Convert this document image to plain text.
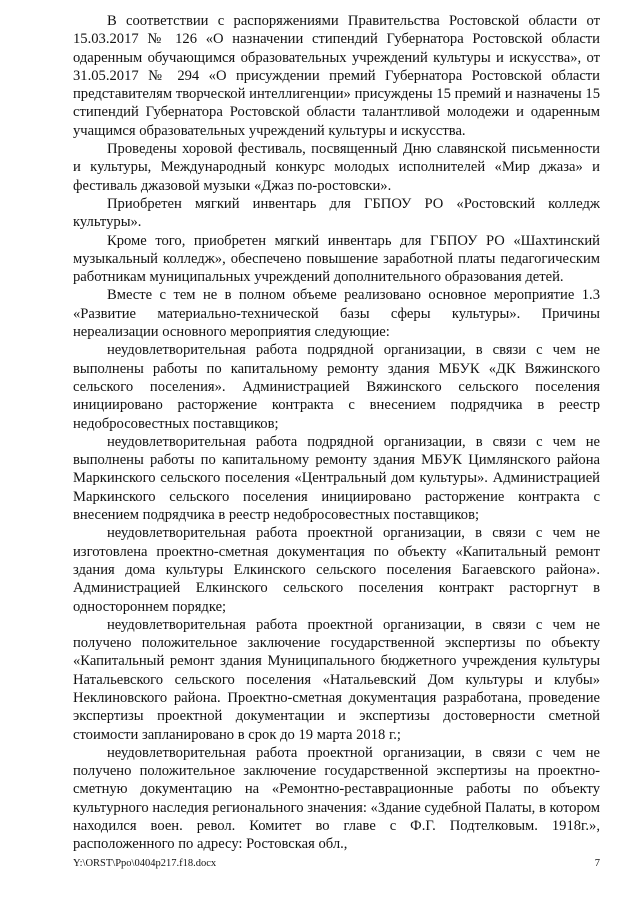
В соответствии с распоряжениями Правительства Ростовской области от 15.03.2017 № 126 «О назначении стипендий Губернатора Ростовской области одаренным обучающимся образовательных учреждений культуры и искусства», от 31.05.2017 № 294 «О присуждении премий Губернатора Ростовской области представителям творческой интеллигенции» присуждены 15 премий и назначены 15 стипендий Губернатора Ростовской области талантливой молодежи и одаренным учащимся образовательных учреждений культуры и искусства.

Проведены хоровой фестиваль, посвященный Дню славянской письменности и культуры, Международный конкурс молодых исполнителей «Мир джаза» и фестиваль джазовой музыки «Джаз по-ростовски».

Приобретен мягкий инвентарь для ГБПОУ РО «Ростовский колледж культуры».

Кроме того, приобретен мягкий инвентарь для ГБПОУ РО «Шахтинский музыкальный колледж», обеспечено повышение заработной платы педагогическим работникам муниципальных учреждений дополнительного образования детей.

Вместе с тем не в полном объеме реализовано основное мероприятие 1.3 «Развитие материально-технической базы сферы культуры». Причины нереализации основного мероприятия следующие:

неудовлетворительная работа подрядной организации, в связи с чем не выполнены работы по капитальному ремонту здания МБУК «ДК Вяжинского сельского поселения». Администрацией Вяжинского сельского поселения инициировано расторжение контракта с внесением подрядчика в реестр недобросовестных поставщиков;

неудовлетворительная работа подрядной организации, в связи с чем не выполнены работы по капитальному ремонту здания МБУК Цимлянского района Маркинского сельского поселения «Центральный дом культуры». Администрацией Маркинского сельского поселения инициировано расторжение контракта с внесением подрядчика в реестр недобросовестных поставщиков;

неудовлетворительная работа проектной организации, в связи с чем не изготовлена проектно-сметная документация по объекту «Капитальный ремонт здания дома культуры Елкинского сельского поселения Багаевского района». Администрацией Елкинского сельского поселения контракт расторгнут в одностороннем порядке;

неудовлетворительная работа проектной организации, в связи с чем не получено положительное заключение государственной экспертизы по объекту «Капитальный ремонт здания Муниципального бюджетного учреждения культуры Натальевского сельского поселения «Натальевский Дом культуры и клубы» Неклиновского района. Проектно-сметная документация разработана, проведение экспертизы проектной документации и экспертизы достоверности сметной стоимости запланировано в срок до 19 марта 2018 г.;

неудовлетворительная работа проектной организации, в связи с чем не получено положительное заключение государственной экспертизы на проектно-сметную документацию на «Ремонтно-реставрационные работы по объекту культурного наследия регионального значения: «Здание судебной Палаты, в котором находился воен. револ. Комитет во главе с Ф.Г. Подтелковым. 1918г.», расположенного по адресу: Ростовская обл.,

Y:\ORST\Ppo\0404p217.f18.docx	7
